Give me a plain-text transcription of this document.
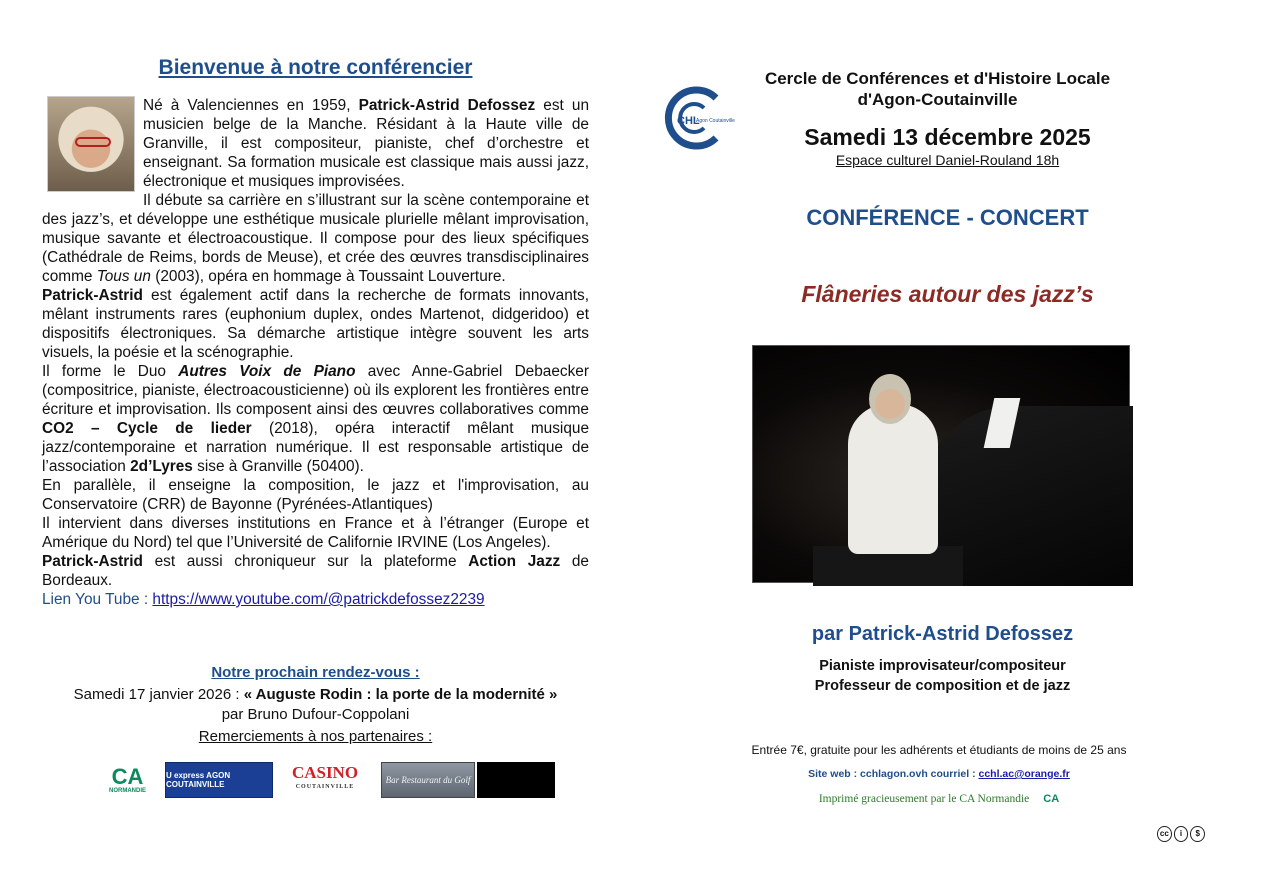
Bienvenue à notre conférencier

Né à Valenciennes en 1959, Patrick-Astrid Defossez est un musicien belge de la Manche. Résidant à la Haute ville de Granville, il est compositeur, pianiste, chef d’orchestre et enseignant. Sa formation musicale est classique mais aussi jazz, électronique et musiques improvisées.

Il débute sa carrière en s’illustrant sur la scène contemporaine et des jazz’s, et développe une esthétique musicale plurielle mêlant improvisation, musique savante et électroacoustique. Il compose pour des lieux spécifiques (Cathédrale de Reims, bords de Meuse), et crée des œuvres transdisciplinaires comme Tous un (2003), opéra en hommage à Toussaint Louverture.

Patrick-Astrid est également actif dans la recherche de formats innovants, mêlant instruments rares (euphonium duplex, ondes Martenot, didgeridoo) et dispositifs électroniques. Sa démarche artistique intègre souvent les arts visuels, la poésie et la scénographie.

Il forme le Duo Autres Voix de Piano avec Anne-Gabriel Debaecker (compositrice, pianiste, électroacousticienne) où ils explorent les frontières entre écriture et improvisation. Ils composent ainsi des œuvres collaboratives comme CO2 – Cycle de lieder (2018), opéra interactif mêlant musique jazz/contemporaine et narration numérique. Il est responsable artistique de l’association 2d’Lyres sise à Granville (50400).

En parallèle, il enseigne la composition, le jazz et l'improvisation, au Conservatoire (CRR) de Bayonne (Pyrénées-Atlantiques)

Il intervient dans diverses institutions en France et à l’étranger (Europe et Amérique du Nord) tel que l’Université de Californie IRVINE (Los Angeles).

Patrick-Astrid est aussi chroniqueur sur la plateforme Action Jazz de Bordeaux.

Lien You Tube : https://www.youtube.com/@patrickdefossez2239

Notre prochain rendez-vous :
Samedi 17 janvier 2026 : « Auguste Rodin : la porte de la modernité »
par Bruno Dufour-Coppolani
Remerciements à nos partenaires :
CA
NORMANDIE
U express AGON COUTAINVILLE
CASINO
COUTAINVILLE
Bar Restaurant du Golf
CHL
Agon Coutainville
Cercle de Conférences et d'Histoire Locale d'Agon-Coutainville
Samedi 13 décembre 2025
Espace culturel Daniel-Rouland 18h
CONFÉRENCE - CONCERT
Flâneries autour des jazz’s
par Patrick-Astrid Defossez
Pianiste improvisateur/compositeur
Professeur de composition et de jazz
Entrée 7€, gratuite pour les adhérents et étudiants de moins de 25 ans
Site web : cchlagon.ovh courriel : cchl.ac@orange.fr
Imprimé gracieusement par le CA Normandie CA
cc	i	$
